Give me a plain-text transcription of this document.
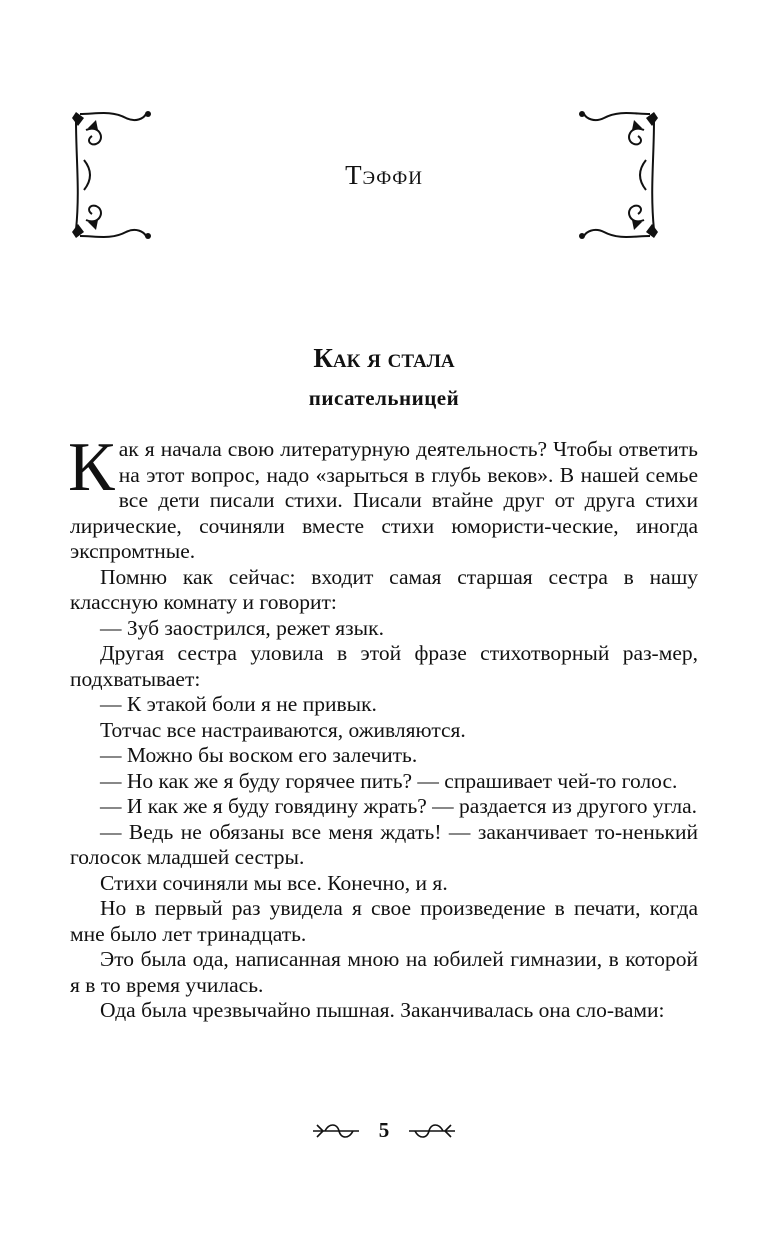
Тэффи
Как я стала
писательницей

Как я начала свою литературную деятельность? Чтобы ответить на этот вопрос, надо «зарыться в глубь веков». В нашей семье все дети писали стихи. Писали втайне друг от друга стихи лирические, сочиняли вместе стихи юмористи-ческие, иногда экспромтные.

Помню как сейчас: входит самая старшая сестра в нашу классную комнату и говорит:

— Зуб заострился, режет язык.

Другая сестра уловила в этой фразе стихотворный раз-мер, подхватывает:

— К этакой боли я не привык.

Тотчас все настраиваются, оживляются.

— Можно бы воском его залечить.

— Но как же я буду горячее пить? — спрашивает чей-то голос.

— И как же я буду говядину жрать? — раздается из другого угла.

— Ведь не обязаны все меня ждать! — заканчивает то-ненький голосок младшей сестры.

Стихи сочиняли мы все. Конечно, и я.

Но в первый раз увидела я свое произведение в печати, когда мне было лет тринадцать.

Это была ода, написанная мною на юбилей гимназии, в которой я в то время училась.

Ода была чрезвычайно пышная. Заканчивалась она сло-вами:

5
